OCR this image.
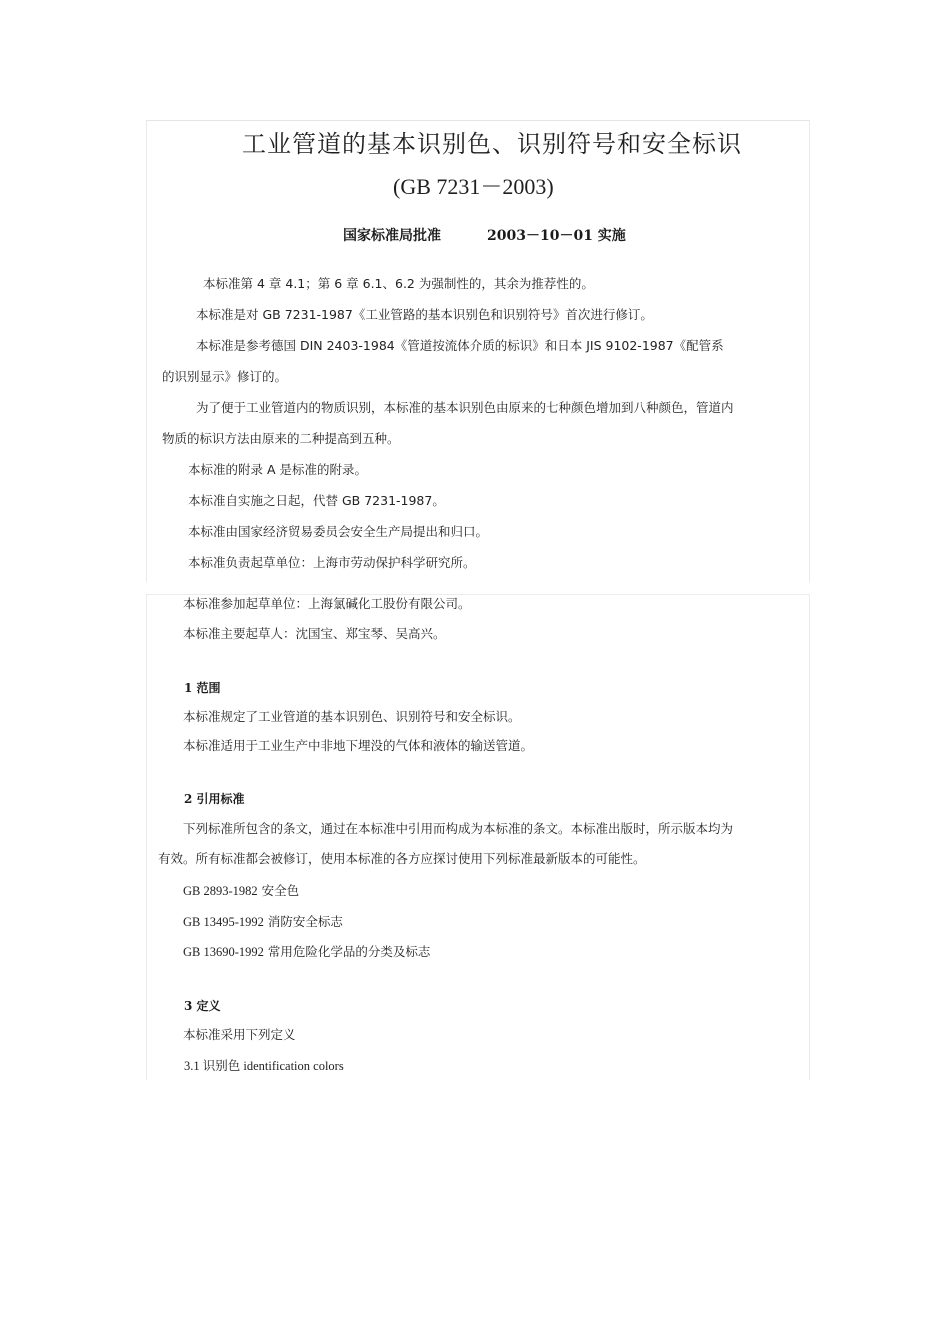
工业管道的基本识别色、识别符号和安全标识
(GB 7231－2003)
国家标准局批准	2003－10－01 实施
本标准第 4 章 4.1；第 6 章 6.1、6.2 为强制性的，其余为推荐性的。
本标准是对 GB 7231-1987《工业管路的基本识别色和识别符号》首次进行修订。
本标准是参考德国 DIN 2403-1984《管道按流体介质的标识》和日本 JIS 9102-1987《配管系
的识别显示》修订的。
为了便于工业管道内的物质识别，本标准的基本识别色由原来的七种颜色增加到八种颜色，管道内
物质的标识方法由原来的二种提高到五种。
本标准的附录 A 是标准的附录。
本标准自实施之日起，代替 GB 7231-1987。
本标准由国家经济贸易委员会安全生产局提出和归口。
本标准负责起草单位：上海市劳动保护科学研究所。
本标准参加起草单位：上海氯碱化工股份有限公司。
本标准主要起草人：沈国宝、郑宝琴、吴高兴。
1 范围
本标准规定了工业管道的基本识别色、识别符号和安全标识。
本标准适用于工业生产中非地下埋没的气体和液体的输送管道。
2 引用标准
下列标准所包含的条文，通过在本标准中引用而构成为本标准的条文。本标准出版时，所示版本均为
有效。所有标准都会被修订，使用本标准的各方应探讨使用下列标准最新版本的可能性。
GB 2893-1982 安全色
GB 13495-1992 消防安全标志
GB 13690-1992 常用危险化学品的分类及标志
3 定义
本标准采用下列定义
3.1 识别色 identification colors
